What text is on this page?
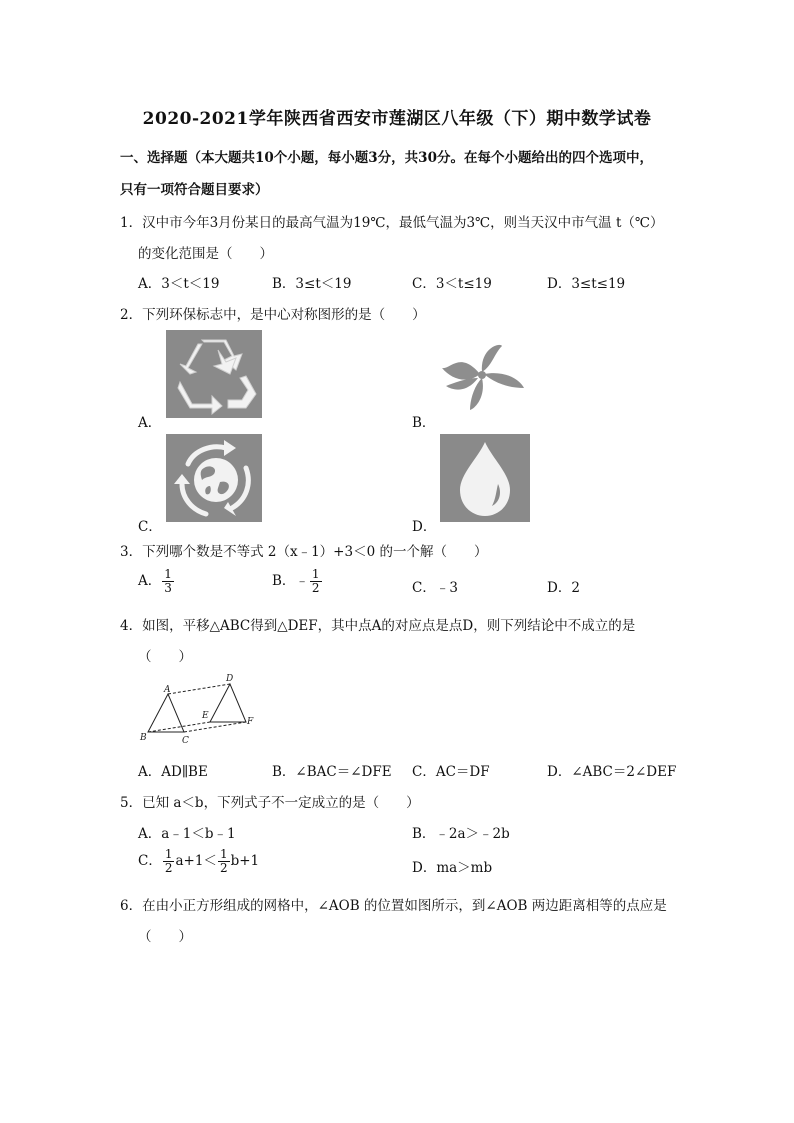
2020-2021学年陕西省西安市莲湖区八年级（下）期中数学试卷
一、选择题（本大题共10个小题，每小题3分，共30分。在每个小题给出的四个选项中，
只有一项符合题目要求）
1．汉中市今年3月份某日的最高气温为19℃，最低气温为3℃，则当天汉中市气温 t（℃）
的变化范围是（　　）
A．3＜t＜19	B．3≤t＜19	C．3＜t≤19	D．3≤t≤19
2．下列环保标志中，是中心对称图形的是（　　）
A．	B．
C．	D．
3．下列哪个数是不等式 2（x﹣1）+3＜0 的一个解（　　）
A． $\frac{1}{3}$	B．﹣ $\frac{1}{2}$	C．﹣3	D．2
4．如图，平移△ABC得到△DEF，其中点A的对应点是点D，则下列结论中不成立的是
（　　）
A
B	C
D
E
F
A．AD∥BE	B．∠BAC＝∠DFE C．AC＝DF	D．∠ABC＝2∠DEF
5．已知 a＜b，下列式子不一定成立的是（　　）
A．a﹣1＜b﹣1	B．﹣2a＞﹣2b
C． $\frac{1}{2} a+1< \frac{1}{2} b+1$	D．ma＞mb
6．在由小正方形组成的网格中，∠AOB 的位置如图所示，到∠AOB 两边距离相等的点应是
（　　）
